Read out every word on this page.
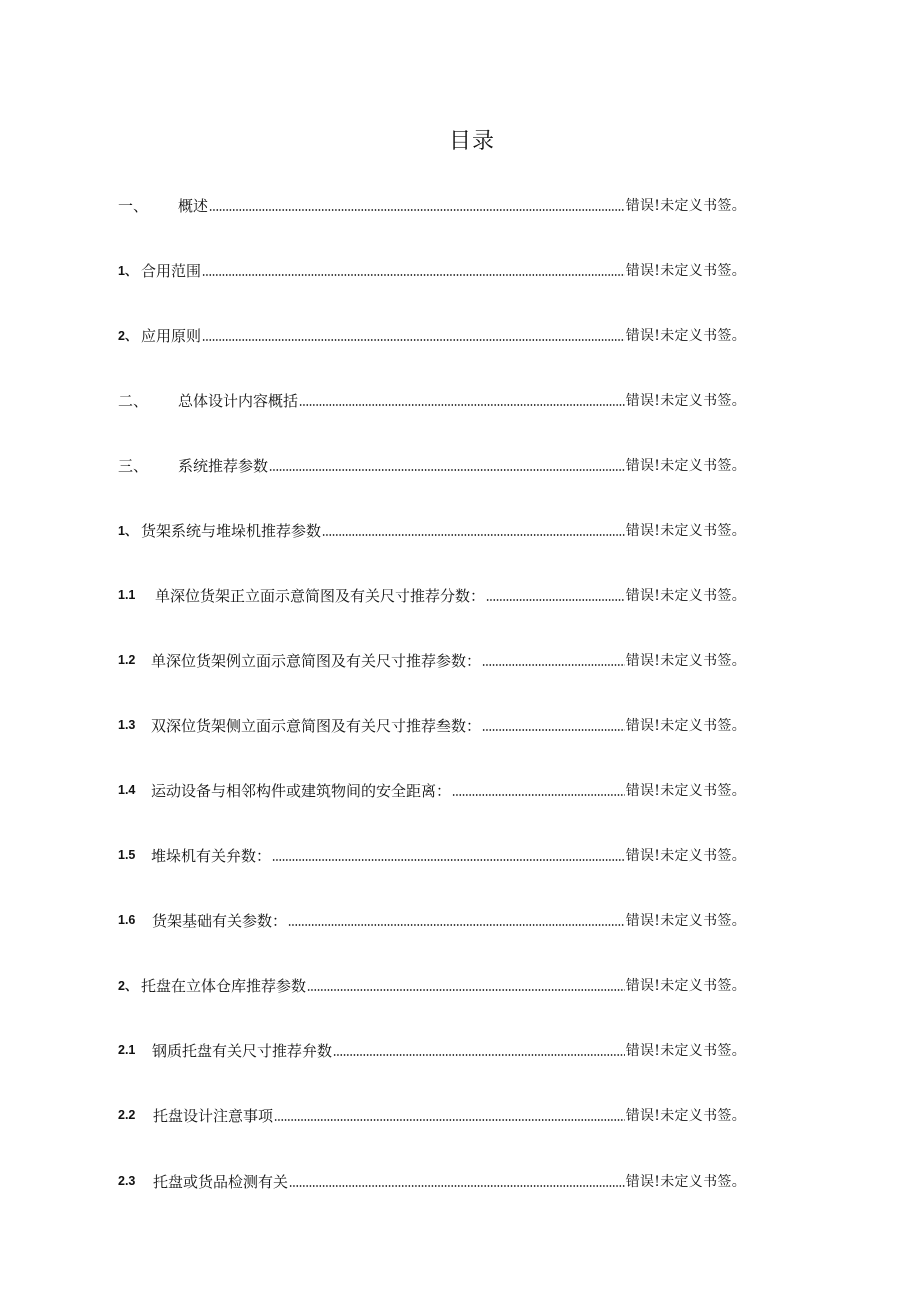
目录
一、	概述	错误!未定义书签。
1、 合用范围	错误!未定义书签。
2、 应用原则	错误!未定义书签。
二、	总体设计内容概括	错误!未定义书签。
三、	系统推荐参数	错误!未定义书签。
1、 货架系统与堆垛机推荐参数	错误!未定义书签。
1.1	单深位货架正立面示意简图及有关尺寸推荐分数：	错误!未定义书签。
1.2	单深位货架例立面示意简图及有关尺寸推荐参数：	错误!未定义书签。
1.3	双深位货架侧立面示意简图及有关尺寸推荐叁数：	错误!未定义书签。
1.4	运动设备与相邻构件或建筑物间的安全距离：	错误!未定义书签。
1.5	堆垛机有关弁数：	错误!未定义书签。
1.6	货架基础有关参数：	错误!未定义书签。
2、 托盘在立体仓库推荐参数	错误!未定义书签。
2.1	钢质托盘有关尺寸推荐弁数	错误!未定义书签。
2.2	托盘设计注意事项	错误!未定义书签。
2.3	托盘或货品检测有关	错误!未定义书签。
